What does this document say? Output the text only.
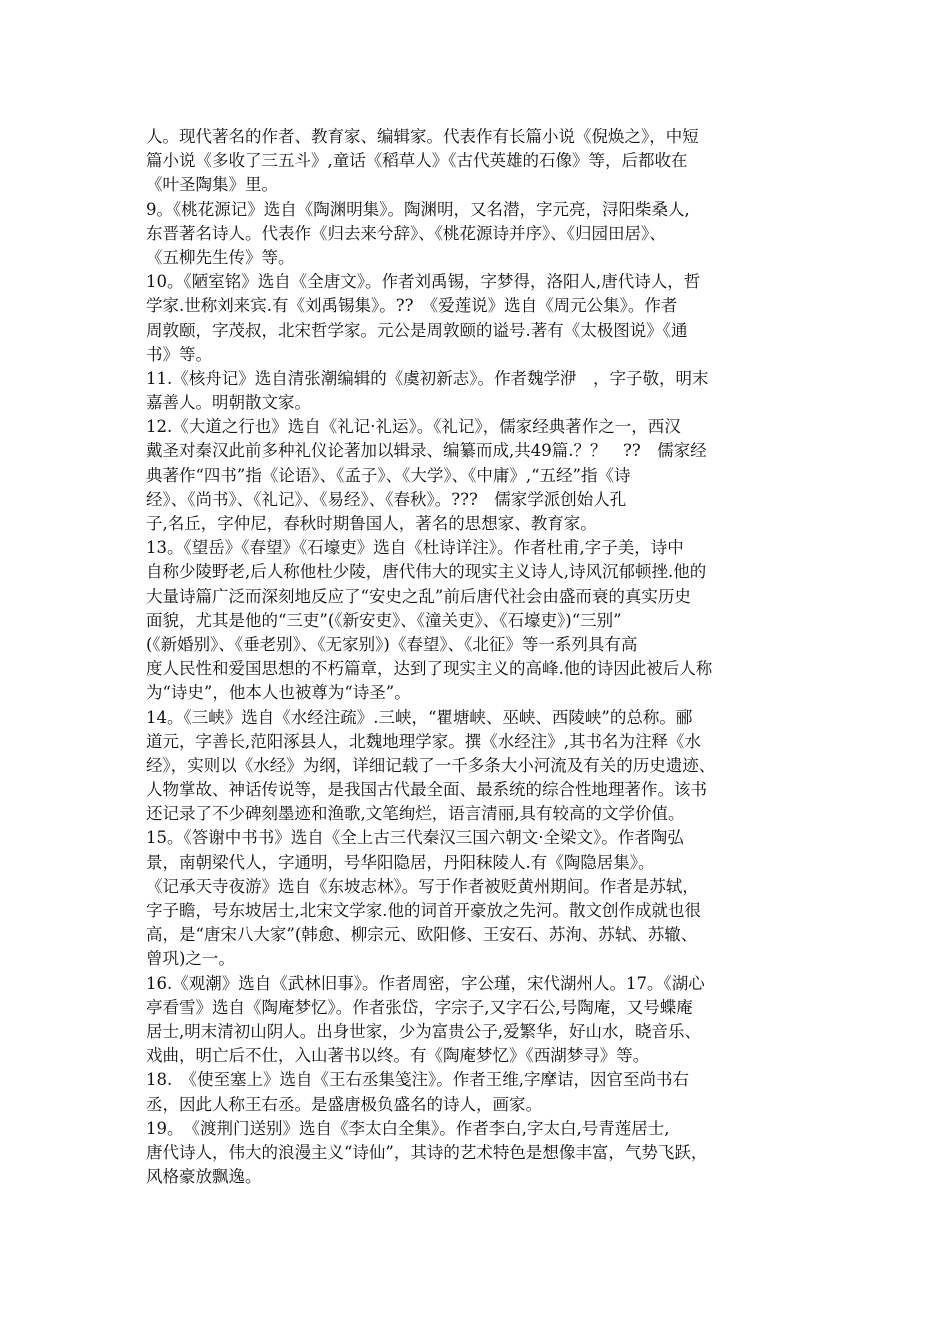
人。现代著名的作者、教育家、编辑家。代表作有长篇小说《倪焕之》，中短
篇小说《多收了三五斗》,童话《稻草人》《古代英雄的石像》等，后都收在
《叶圣陶集》里。
9。《桃花源记》选自《陶渊明集》。陶渊明，又名潜，字元亮，浔阳柴桑人,
东晋著名诗人。代表作《归去来兮辞》、《桃花源诗并序》、《归园田居》、
《五柳先生传》等。
10。《陋室铭》选自《全唐文》。作者刘禹锡，字梦得，洛阳人,唐代诗人，哲
学家.世称刘来宾.有《刘禹锡集》。??　《爱莲说》选自《周元公集》。作者
周敦颐，字茂叔，北宋哲学家。元公是周敦颐的谥号.著有《太极图说》《通
书》等。
11.《核舟记》选自清张潮编辑的《虞初新志》。作者魏学洢　，字子敬，明末
嘉善人。明朝散文家。
12.《大道之行也》选自《礼记·礼运》。《礼记》，儒家经典著作之一，西汉
戴圣对秦汉此前多种礼仪论著加以辑录、编纂而成,共49篇.？？　??　儒家经
典著作“四书”指《论语》、《孟子》、《大学》、《中庸》,“五经”指《诗
经》、《尚书》、《礼记》、《易经》、《春秋》。???　儒家学派创始人孔
子,名丘，字仲尼，春秋时期鲁国人，著名的思想家、教育家。
13。《望岳》《春望》《石壕吏》选自《杜诗详注》。作者杜甫,字子美，诗中
自称少陵野老,后人称他杜少陵，唐代伟大的现实主义诗人,诗风沉郁顿挫.他的
大量诗篇广泛而深刻地反应了“安史之乱”前后唐代社会由盛而衰的真实历史
面貌，尤其是他的“三吏”(《新安吏》、《潼关吏》、《石壕吏》)“三别”
(《新婚别》、《垂老别》、《无家别》)《春望》、《北征》等一系列具有高
度人民性和爱国思想的不朽篇章，达到了现实主义的高峰.他的诗因此被后人称
为“诗史”，他本人也被尊为“诗圣”。
14。《三峡》选自《水经注疏》.三峡，“瞿塘峡、巫峡、西陵峡”的总称。郦
道元，字善长,范阳涿县人，北魏地理学家。撰《水经注》,其书名为注释《水
经》，实则以《水经》为纲，详细记载了一千多条大小河流及有关的历史遗迹、
人物掌故、神话传说等，是我国古代最全面、最系统的综合性地理著作。该书
还记录了不少碑刻墨迹和渔歌,文笔绚烂，语言清丽,具有较高的文学价值。
15。《答谢中书书》选自《全上古三代秦汉三国六朝文·全梁文》。作者陶弘
景，南朝梁代人，字通明，号华阳隐居，丹阳秣陵人.有《陶隐居集》。
《记承天寺夜游》选自《东坡志林》。写于作者被贬黄州期间。作者是苏轼，
字子瞻，号东坡居士,北宋文学家.他的词首开豪放之先河。散文创作成就也很
高，是“唐宋八大家”(韩愈、柳宗元、欧阳修、王安石、苏洵、苏轼、苏辙、
曾巩)之一。
16.《观潮》选自《武林旧事》。作者周密，字公瑾，宋代湖州人。17。《湖心
亭看雪》选自《陶庵梦忆》。作者张岱，字宗子,又字石公,号陶庵，又号蝶庵
居士,明末清初山阴人。出身世家，少为富贵公子,爱繁华，好山水，晓音乐、
戏曲，明亡后不仕，入山著书以终。有《陶庵梦忆》《西湖梦寻》等。
18.　《使至塞上》选自《王右丞集笺注》。作者王维,字摩诘，因官至尚书右
丞，因此人称王右丞。是盛唐极负盛名的诗人，画家。
19。　《渡荆门送别》选自《李太白全集》。作者李白,字太白,号青莲居士,
唐代诗人，伟大的浪漫主义“诗仙”，其诗的艺术特色是想像丰富，气势飞跃，
风格豪放飘逸。
